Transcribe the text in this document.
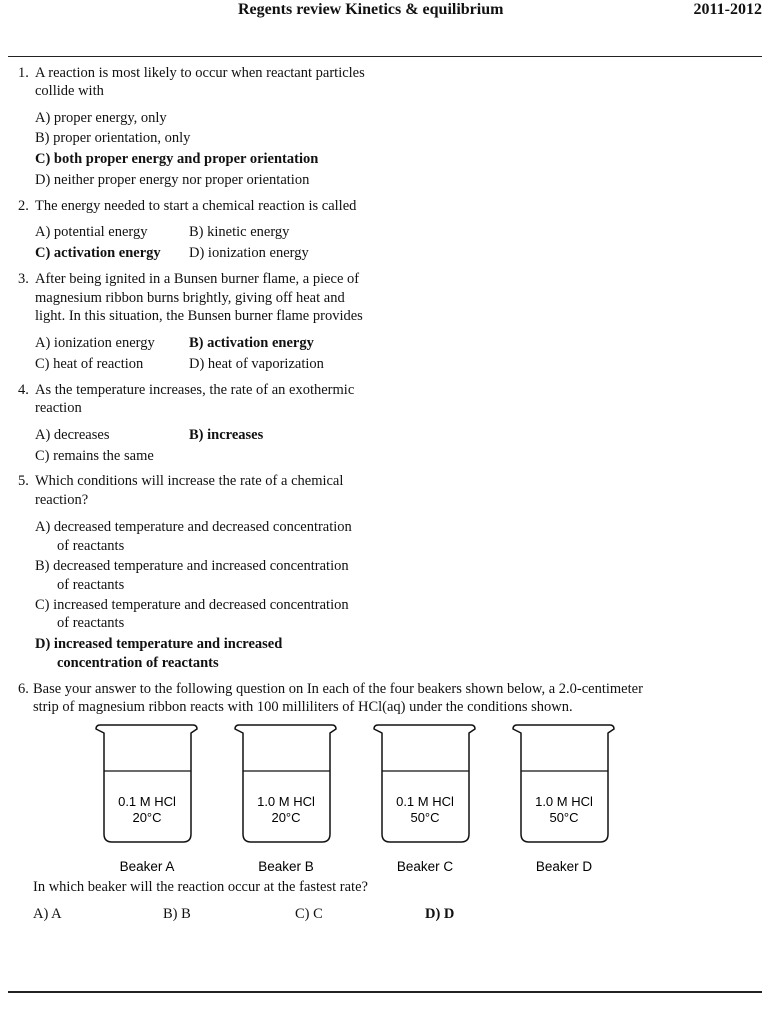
Regents review Kinetics & equilibrium	2011-2012
1. A reaction is most likely to occur when reactant particles
collide with
A) proper energy, only
B) proper orientation, only
C) both proper energy and proper orientation
D) neither proper energy nor proper orientation
2. The energy needed to start a chemical reaction is called
A) potential energy	B) kinetic energy
C) activation energy D) ionization energy
3. After being ignited in a Bunsen burner flame, a piece of
magnesium ribbon burns brightly, giving off heat and
light. In this situation, the Bunsen burner flame provides
A) ionization energy B) activation energy
C) heat of reaction	D) heat of vaporization
4. As the temperature increases, the rate of an exothermic
reaction
A) decreases	B) increases
C) remains the same
5. Which conditions will increase the rate of a chemical
reaction?
A) decreased temperature and decreased concentration
of reactants
B) decreased temperature and increased concentration
of reactants
C) increased temperature and decreased concentration
of reactants
D) increased temperature and increased
concentration of reactants
6. Base your answer to the following question on In each of the four beakers shown below, a 2.0-centimeter
strip of magnesium ribbon reacts with 100 milliliters of HCl(aq) under the conditions shown.
0.1 M HCl
20°C
Beaker A
1.0 M HCl
20°C
Beaker B
0.1 M HCl
50°C
Beaker C
1.0 M HCl
50°C
Beaker D
In which beaker will the reaction occur at the fastest rate?
A) A	B) B	C) C	D) D
